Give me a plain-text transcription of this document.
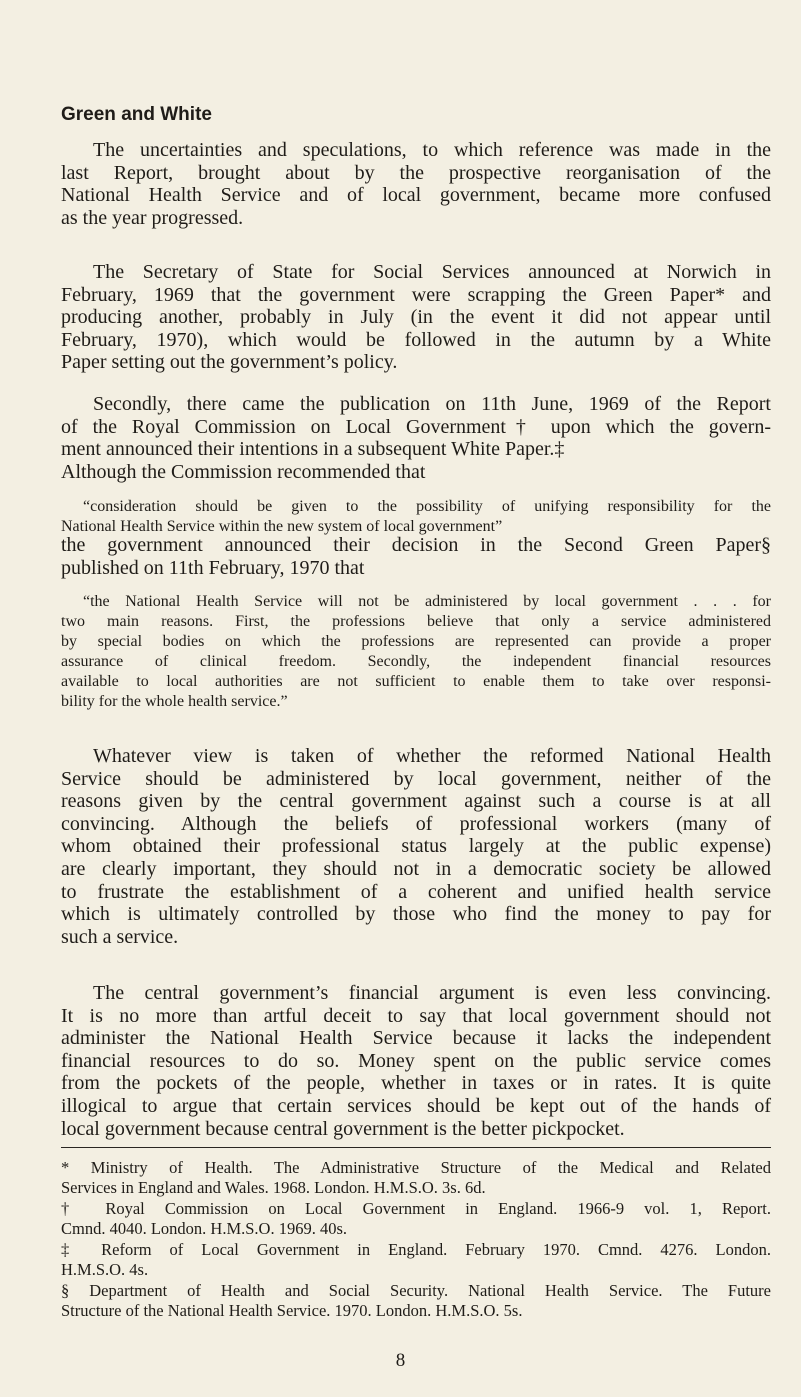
Green and White
The uncertainties and speculations, to which reference was made in the
last Report, brought about by the prospective reorganisation of the
National Health Service and of local government, became more confused
as the year progressed.
The Secretary of State for Social Services announced at Norwich in
February, 1969 that the government were scrapping the Green Paper* and
producing another, probably in July (in the event it did not appear until
February, 1970), which would be followed in the autumn by a White
Paper setting out the government’s policy.
Secondly, there came the publication on 11th June, 1969 of the Report
of the Royal Commission on Local Government† upon which the govern-
ment announced their intentions in a subsequent White Paper.‡
Although the Commission recommended that
“consideration should be given to the possibility of unifying responsibility for the
National Health Service within the new system of local government”
the government announced their decision in the Second Green Paper§
published on 11th February, 1970 that
“the National Health Service will not be administered by local government . . . for
two main reasons. First, the professions believe that only a service administered
by special bodies on which the professions are represented can provide a proper
assurance of clinical freedom. Secondly, the independent financial resources
available to local authorities are not sufficient to enable them to take over responsi-
bility for the whole health service.”
Whatever view is taken of whether the reformed National Health
Service should be administered by local government, neither of the
reasons given by the central government against such a course is at all
convincing. Although the beliefs of professional workers (many of
whom obtained their professional status largely at the public expense)
are clearly important, they should not in a democratic society be allowed
to frustrate the establishment of a coherent and unified health service
which is ultimately controlled by those who find the money to pay for
such a service.
The central government’s financial argument is even less convincing.
It is no more than artful deceit to say that local government should not
administer the National Health Service because it lacks the independent
financial resources to do so. Money spent on the public service comes
from the pockets of the people, whether in taxes or in rates. It is quite
illogical to argue that certain services should be kept out of the hands of
local government because central government is the better pickpocket.
* Ministry of Health. The Administrative Structure of the Medical and Related
Services in England and Wales. 1968. London. H.M.S.O. 3s. 6d.
† Royal Commission on Local Government in England. 1966-9 vol. 1, Report.
Cmnd. 4040. London. H.M.S.O. 1969. 40s.
‡ Reform of Local Government in England. February 1970. Cmnd. 4276. London.
H.M.S.O. 4s.
§ Department of Health and Social Security. National Health Service. The Future
Structure of the National Health Service. 1970. London. H.M.S.O. 5s.
8
